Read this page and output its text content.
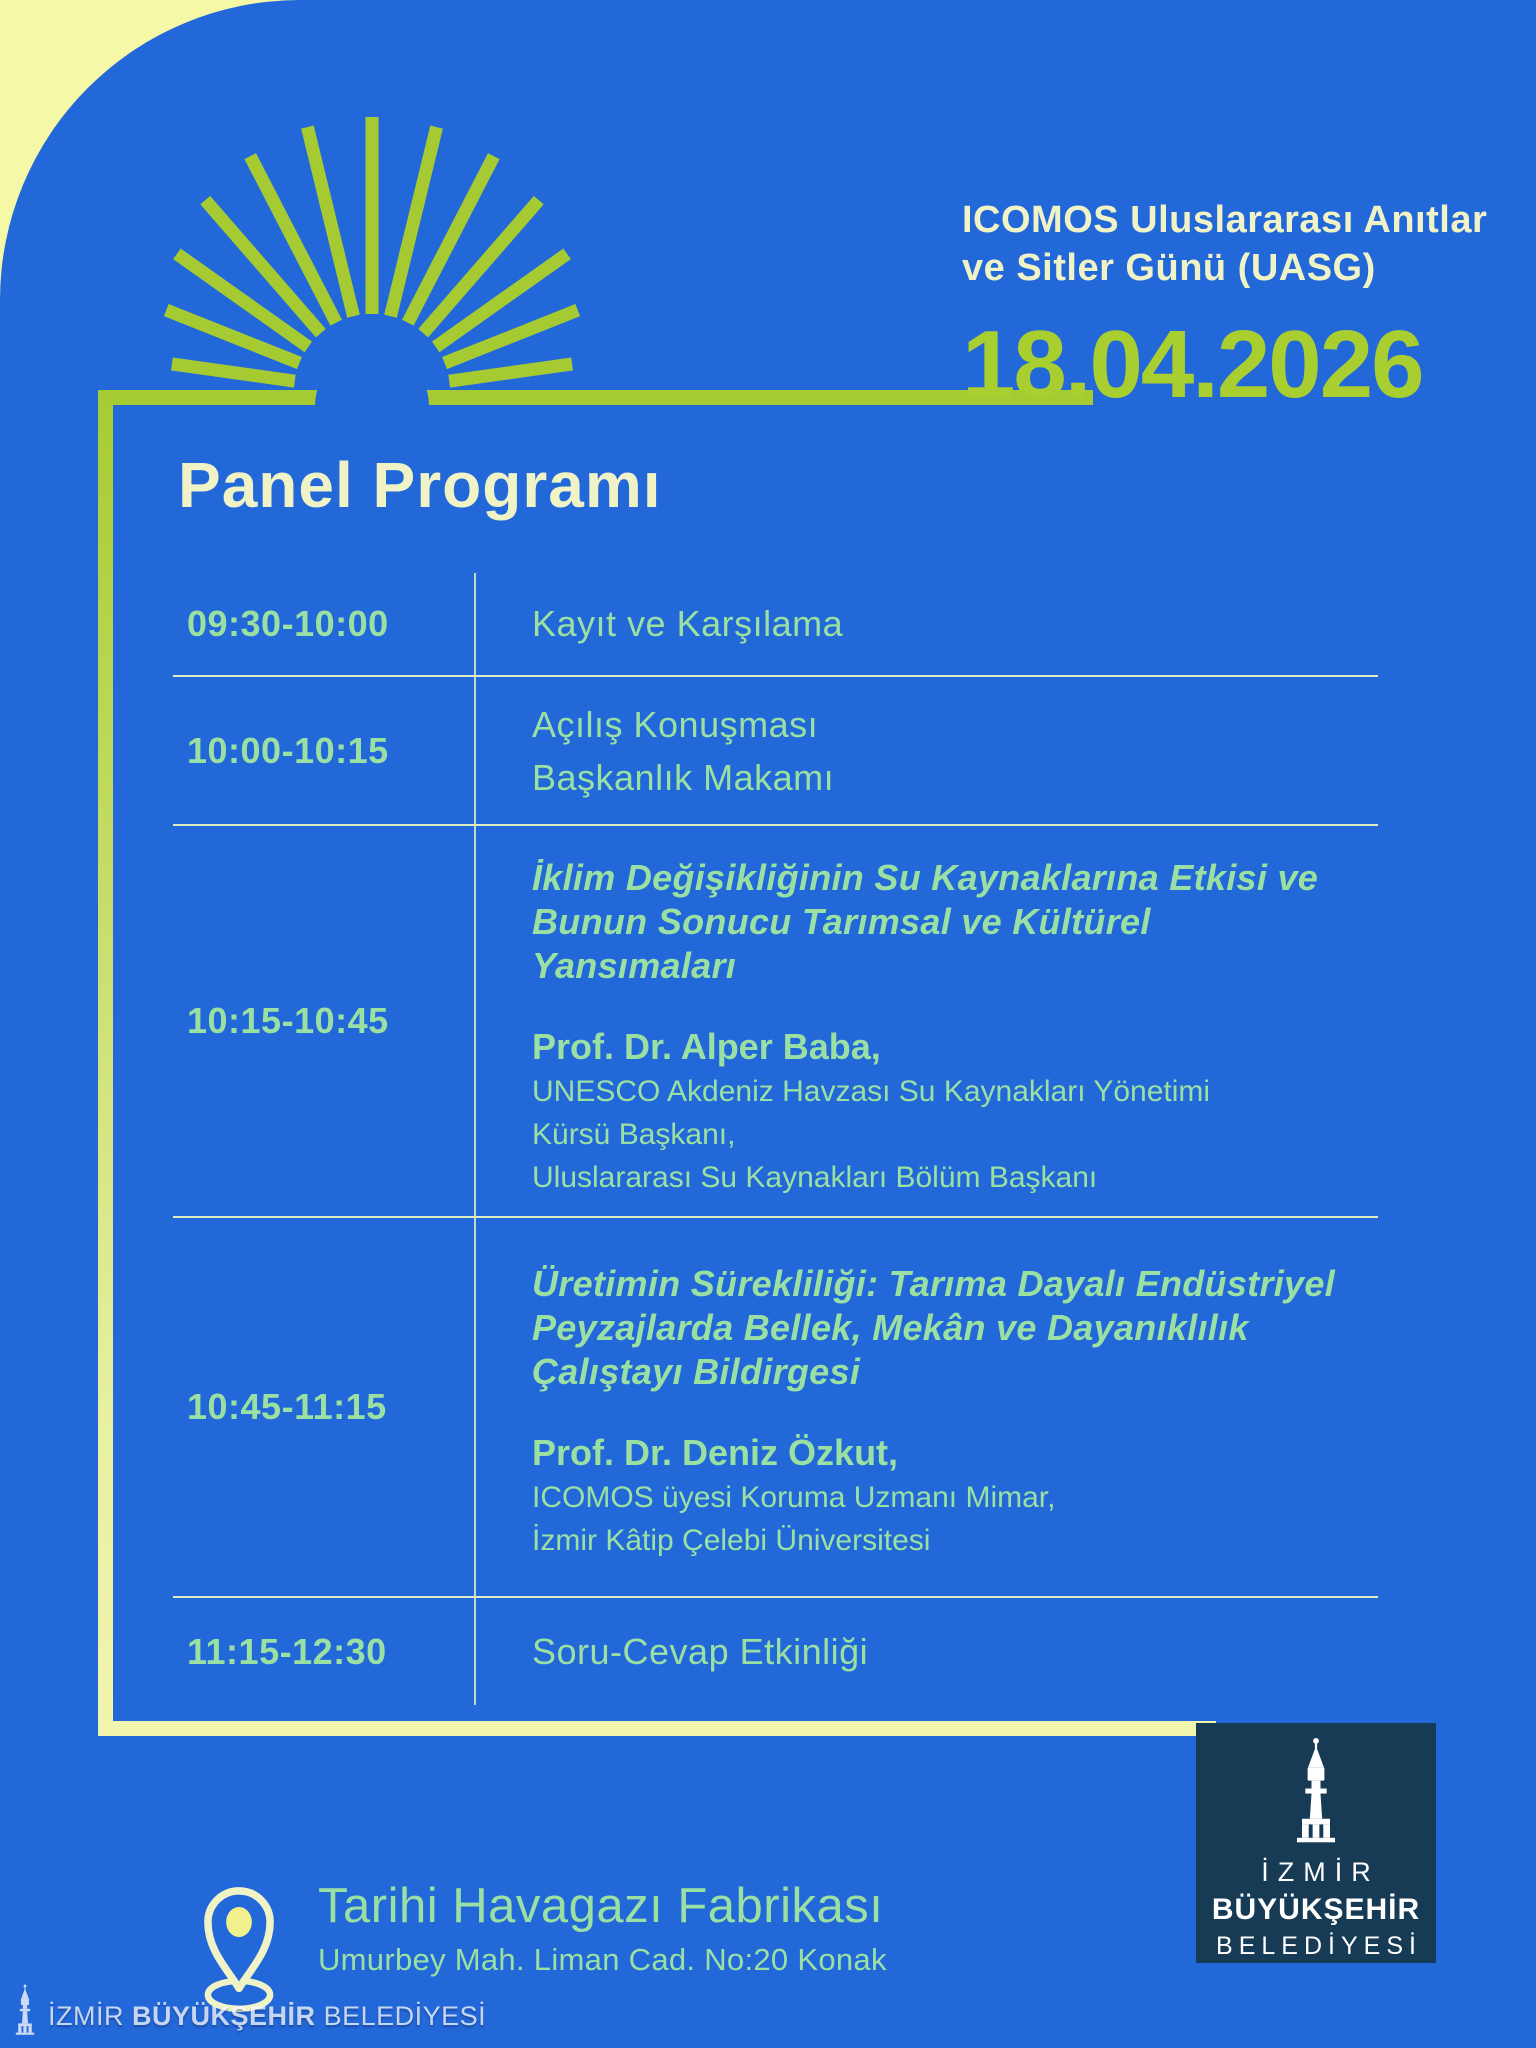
ICOMOS Uluslararası Anıtlar
ve Sitler Günü (UASG)
18.04.2026
Panel Programı
09:30-10:00	Kayıt ve Karşılama
10:00-10:15
Açılış Konuşması
Başkanlık Makamı
10:15-10:45
İklim Değişikliğinin Su Kaynaklarına Etkisi ve
Bunun Sonucu Tarımsal ve Kültürel
Yansımaları
Prof. Dr. Alper Baba,
UNESCO Akdeniz Havzası Su Kaynakları Yönetimi
Kürsü Başkanı,
Uluslararası Su Kaynakları Bölüm Başkanı
10:45-11:15
Üretimin Sürekliliği: Tarıma Dayalı Endüstriyel
Peyzajlarda Bellek, Mekân ve Dayanıklılık
Çalıştayı Bildirgesi
Prof. Dr. Deniz Özkut,
ICOMOS üyesi Koruma Uzmanı Mimar,
İzmir Kâtip Çelebi Üniversitesi
11:15-12:30	Soru-Cevap Etkinliği
Tarihi Havagazı Fabrikası
Umurbey Mah. Liman Cad. No:20 Konak
İZMİR
BÜYÜKŞEHİR
BELEDİYESİ
İZMİR BÜYÜKŞEHİR BELEDİYESİ
